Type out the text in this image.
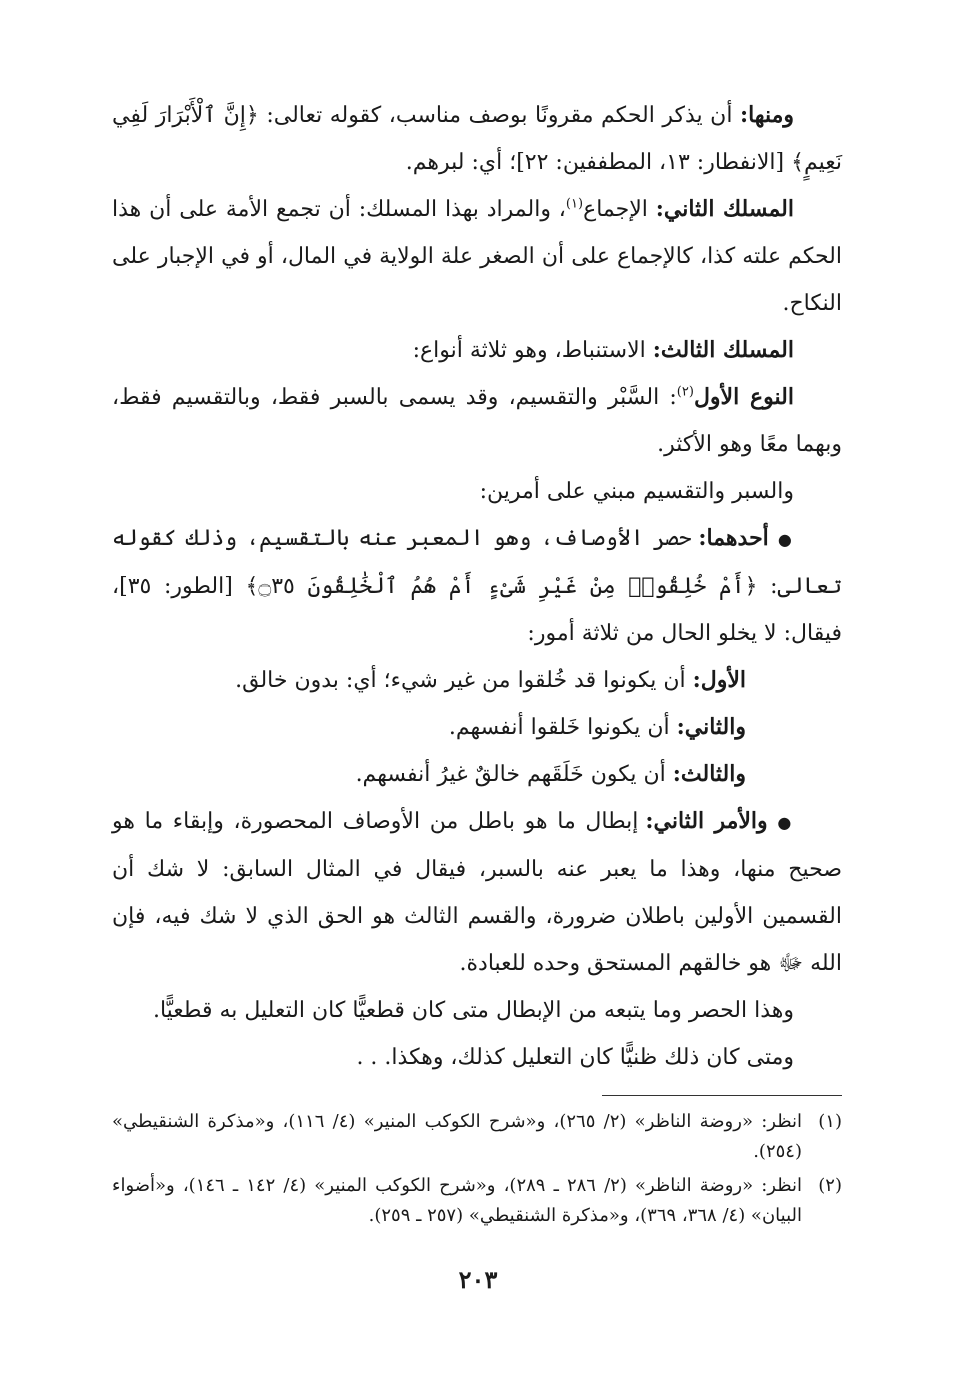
ومنها: أن يذكر الحكم مقرونًا بوصف مناسب، كقوله تعالى: ﴿إِنَّ ٱلْأَبْرَارَ لَفِي نَعِيمٍ﴾ [الانفطار: ١٣، المطففين: ٢٢]؛ أي: لبرهم.

المسلك الثاني: الإجماع$^{(١)}$، والمراد بهذا المسلك: أن تجمع الأمة على أن هذا الحكم علته كذا، كالإجماع على أن الصغر علة الولاية في المال، أو في الإجبار على النكاح.

المسلك الثالث: الاستنباط، وهو ثلاثة أنواع:

النوع الأول$^{(٢)}$: السَّبْر والتقسيم، وقد يسمى بالسبر فقط، وبالتقسيم فقط، وبهما معًا وهو الأكثر.

والسبر والتقسيم مبني على أمرين:

● أحدهما: حصر الأوصاف، وهو المعبر عنه بالتقسيم، وذلك كقوله تعالى: ﴿أَمْ خُلِقُوا۟ مِنْ غَيْرِ شَىْءٍ أَمْ هُمُ ٱلْخَٰلِقُونَ ۝٣٥﴾ [الطور: ٣٥]، فيقال: لا يخلو الحال من ثلاثة أمور:

الأول: أن يكونوا قد خُلقوا من غير شيء؛ أي: بدون خالق.

والثاني: أن يكونوا خَلقوا أنفسهم.

والثالث: أن يكون خَلَقَهم خالقٌ غيرُ أنفسهم.

● والأمر الثاني: إبطال ما هو باطل من الأوصاف المحصورة، وإبقاء ما هو صحيح منها، وهذا ما يعبر عنه بالسبر، فيقال في المثال السابق: لا شك أن القسمين الأولين باطلان ضرورة، والقسم الثالث هو الحق الذي لا شك فيه، فإن الله ﷻ هو خالقهم المستحق وحده للعبادة.

وهذا الحصر وما يتبعه من الإبطال متى كان قطعيًّا كان التعليل به قطعيًّا.

ومتى كان ذلك ظنيًّا كان التعليل كذلك، وهكذا. . .

(١)
انظر: «روضة الناظر» (٢/ ٢٦٥)، و«شرح الكوكب المنير» (٤/ ١١٦)، و«مذكرة الشنقيطي» (٢٥٤).

(٢)
انظر: «روضة الناظر» (٢/ ٢٨٦ ـ ٢٨٩)، و«شرح الكوكب المنير» (٤/ ١٤٢ ـ ١٤٦)، و«أضواء البيان» (٤/ ٣٦٨، ٣٦٩)، و«مذكرة الشنقيطي» (٢٥٧ ـ ٢٥٩).

٢٠٣
